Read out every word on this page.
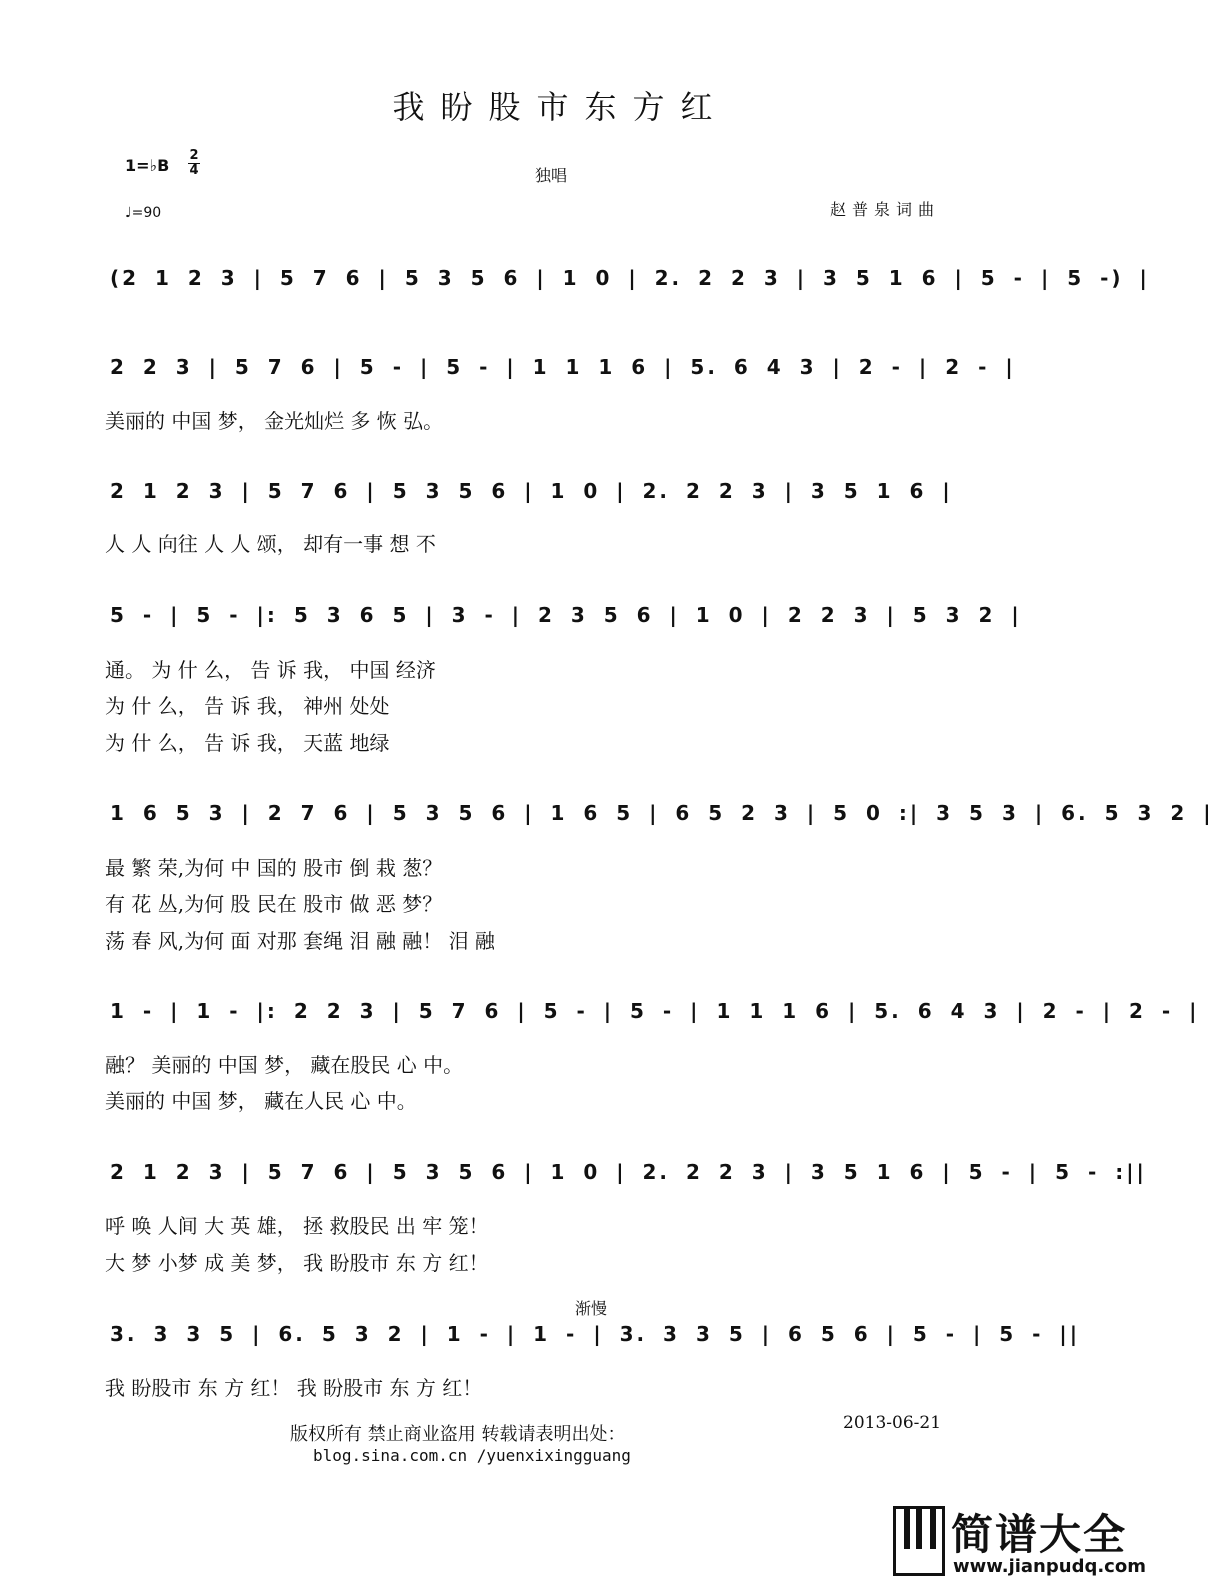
我盼股市东方红
1=♭B
2
4
♩=90
独唱
赵普泉词曲
(2 1 2 3 | 5 7 6 | 5 3 5 6 | 1 0 | 2. 2 2 3 | 3 5 1 6 | 5 - | 5 -) |
2 2 3 | 5 7 6 | 5 - | 5 - | 1 1 1 6 | 5. 6 4 3 | 2 - | 2 - |
美丽的 中国 梦， 金光灿烂 多 恢 弘。
2 1 2 3 | 5 7 6 | 5 3 5 6 | 1 0 | 2. 2 2 3 | 3 5 1 6 |
人 人 向往 人 人 颂， 却有一事 想 不
5 - | 5 - |: 5 3 6 5 | 3 - | 2 3 5 6 | 1 0 | 2 2 3 | 5 3 2 |
通。 为 什 么， 告 诉 我， 中国 经济
为 什 么， 告 诉 我， 神州 处处
为 什 么， 告 诉 我， 天蓝 地绿
1 6 5 3 | 2 7 6 | 5 3 5 6 | 1 6 5 | 6 5 2 3 | 5 0 :| 3 5 3 | 6. 5 3 2 |
最 繁 荣,为何 中 国的 股市 倒 栽 葱？
有 花 丛,为何 股 民在 股市 做 恶 梦？
荡 春 风,为何 面 对那 套绳 泪 融 融！ 泪 融
1 - | 1 - |: 2 2 3 | 5 7 6 | 5 - | 5 - | 1 1 1 6 | 5. 6 4 3 | 2 - | 2 - |
融？ 美丽的 中国 梦， 藏在股民 心 中。
美丽的 中国 梦， 藏在人民 心 中。
2 1 2 3 | 5 7 6 | 5 3 5 6 | 1 0 | 2. 2 2 3 | 3 5 1 6 | 5 - | 5 - :||
呼 唤 人间 大 英 雄， 拯 救股民 出 牢 笼！
大 梦 小梦 成 美 梦， 我 盼股市 东 方 红！
渐慢
3. 3 3 5 | 6. 5 3 2 | 1 - | 1 - | 3. 3 3 5 | 6 5 6 | 5 - | 5 - ||
我 盼股市 东 方 红！ 我 盼股市 东 方 红！
版权所有 禁止商业盗用 转载请表明出处：
2013-06-21
blog.sina.com.cn /yuenxixingguang
简谱大全
www.jianpudq.com
